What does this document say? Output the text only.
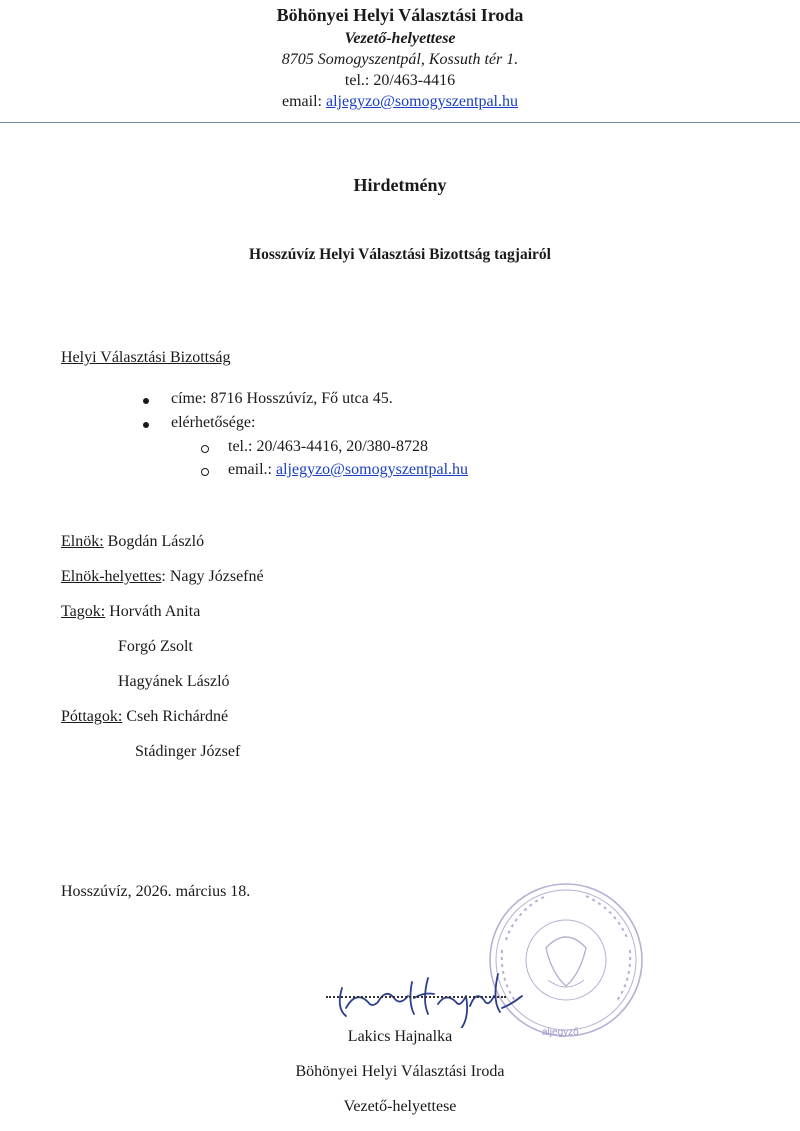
Böhönyei Helyi Választási Iroda
Vezető-helyettese
8705 Somogyszentpál, Kossuth tér 1.
tel.: 20/463-4416
email: aljegyzo@somogyszentpal.hu
Hirdetmény
Hosszúvíz Helyi Választási Bizottság tagjairól
Helyi Választási Bizottság
címe: 8716 Hosszúvíz, Fő utca 45.
elérhetősége:
tel.: 20/463-4416, 20/380-8728
email.: aljegyzo@somogyszentpal.hu
Elnök: Bogdán László
Elnök-helyettes: Nagy Józsefné
Tagok: Horváth Anita
Forgó Zsolt
Hagyánek László
Póttagok: Cseh Richárdné
Stádinger József
Hosszúvíz, 2026. március 18.
aljegyző
Lakics Hajnalka
Böhönyei Helyi Választási Iroda
Vezető-helyettese
